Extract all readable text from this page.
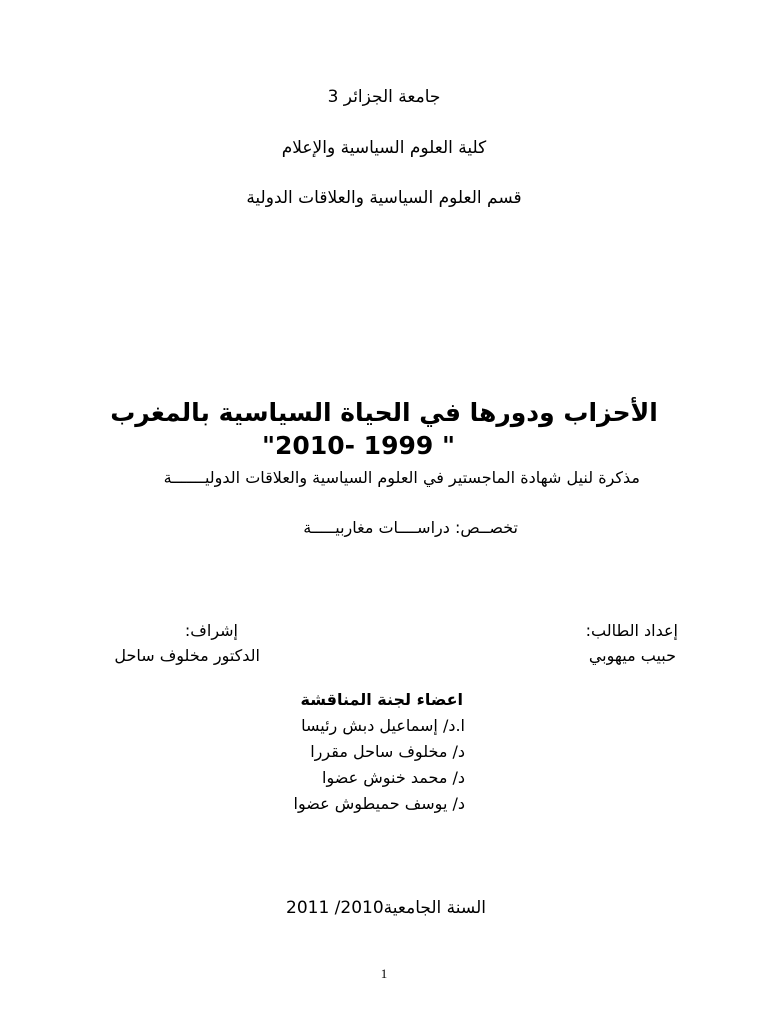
جامعة الجزائر 3
كلية العلوم السياسية والإعلام
قسم العلوم السياسية والعلاقات الدولية
الأحزاب ودورها في الحياة السياسية بالمغرب
"2010- 1999 "
مذكرة لنيل شهادة الماجستير في العلوم السياسية والعلاقات الدوليـــــــة
تخصــص: دراســــات مغاربيـــــة
إعداد الطالب:
حبيب ميهوبي
إشراف:
الدكتور مخلوف ساحل
اعضاء لجنة المناقشة
ا.د/ إسماعيل دبش رئيسا
د/ مخلوف ساحل مقررا
د/ محمد خنوش عضوا
د/ يوسف حميطوش عضوا
السنة الجامعية2010/ 2011
1
